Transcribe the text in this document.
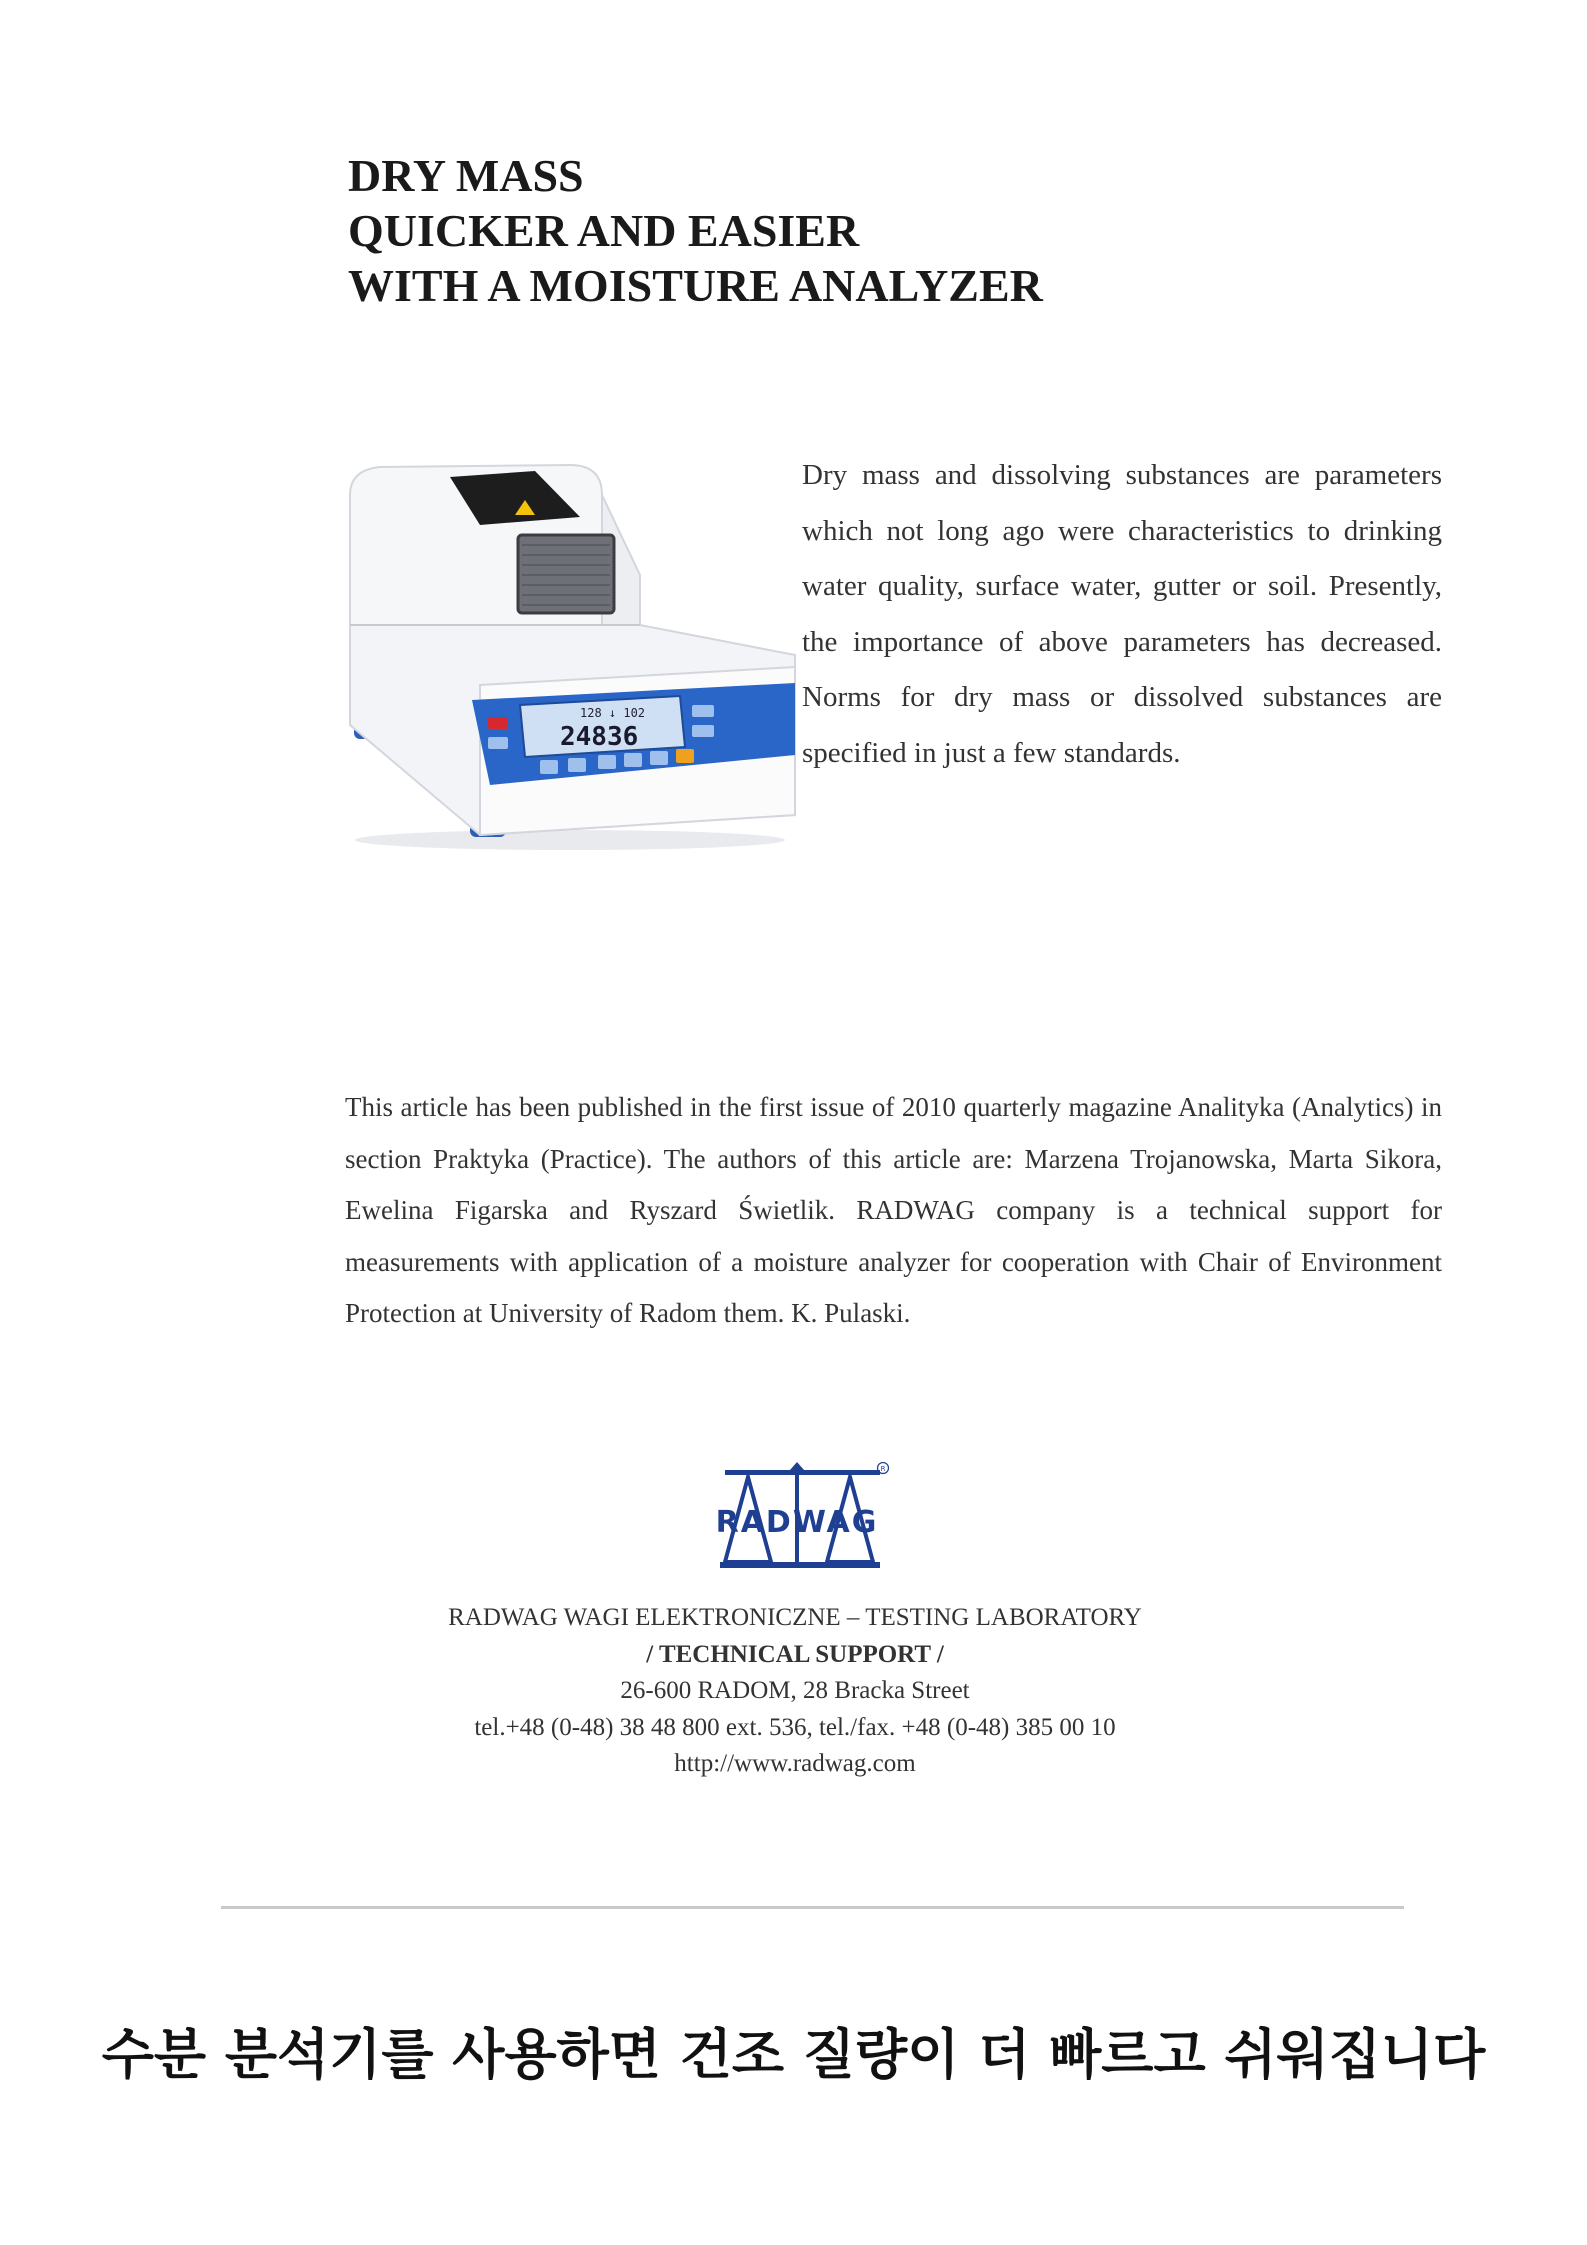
DRY MASS
QUICKER AND EASIER
WITH A MOISTURE ANALYZER
128 ↓ 102
24836

Dry mass and dissolving substances are parameters which not long ago were characteristics to drinking water quality, surface water, gutter or soil. Presently, the importance of above parameters has decreased. Norms for dry mass or dissolved substances are specified in just a few standards.

This article has been published in the first issue of 2010 quarterly magazine Analityka (Analytics) in section Praktyka (Practice). The authors of this article are: Marzena Trojanowska, Marta Sikora, Ewelina Figarska and Ryszard Świetlik. RADWAG company is a technical support for measurements with application of a moisture analyzer for cooperation with Chair of Environment Protection at University of Radom them. K. Pulaski.

RADWAG
R
RADWAG WAGI ELEKTRONICZNE – TESTING LABORATORY
/ TECHNICAL SUPPORT /
26-600 RADOM, 28 Bracka Street
tel.+48 (0-48) 38 48 800 ext. 536, tel./fax. +48 (0-48) 385 00 10
http://www.radwag.com
수분 분석기를 사용하면 건조 질량이 더 빠르고 쉬워집니다
